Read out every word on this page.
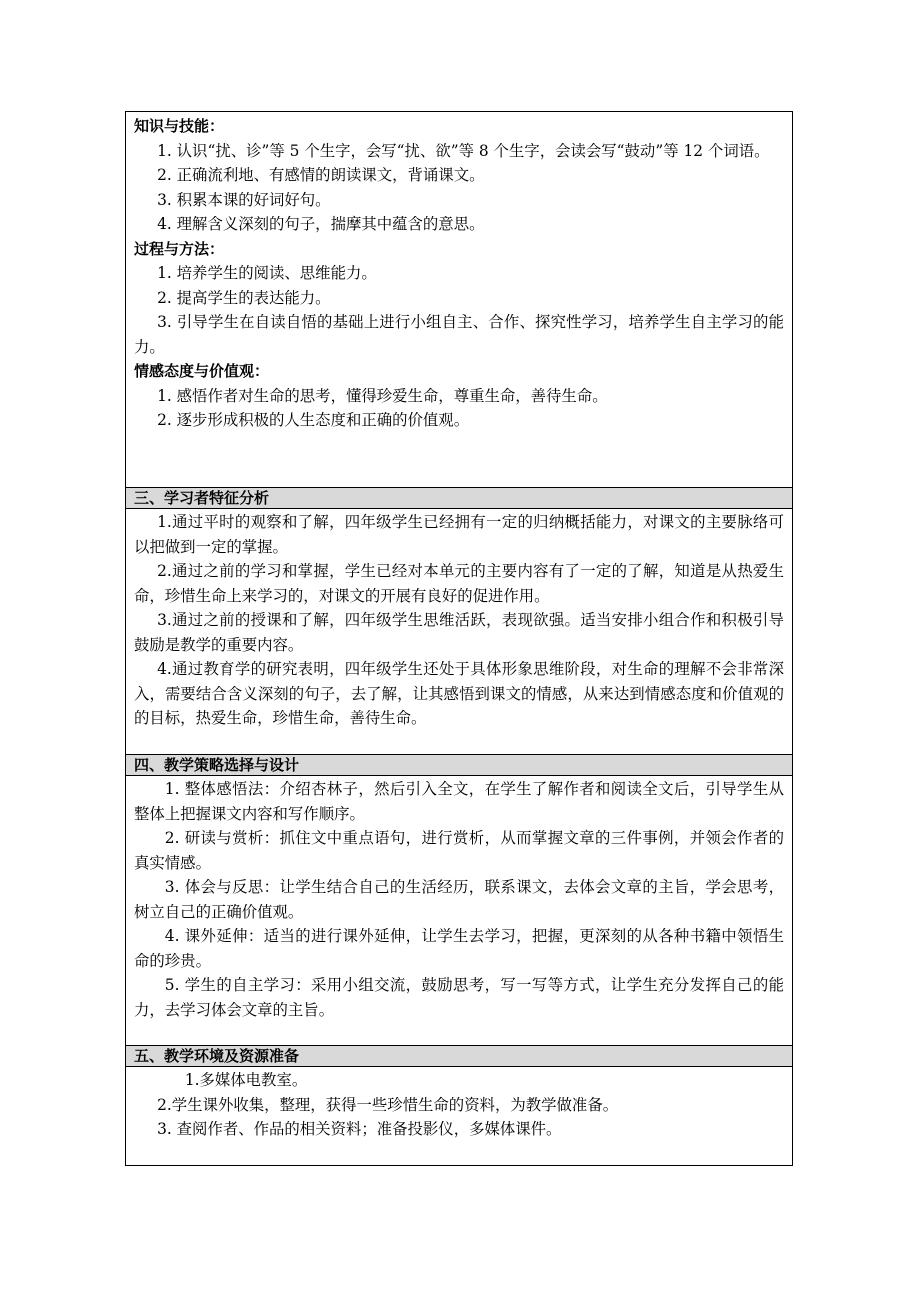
知识与技能：

1. 认识“扰、诊”等 5 个生字，会写“扰、欲”等 8 个生字，会读会写“鼓动”等 12 个词语。

2. 正确流利地、有感情的朗读课文，背诵课文。

3. 积累本课的好词好句。

4. 理解含义深刻的句子，揣摩其中蕴含的意思。

过程与方法：

1. 培养学生的阅读、思维能力。

2. 提高学生的表达能力。

3. 引导学生在自读自悟的基础上进行小组自主、合作、探究性学习，培养学生自主学习的能力。

情感态度与价值观：

1. 感悟作者对生命的思考，懂得珍爱生命，尊重生命，善待生命。

2. 逐步形成积极的人生态度和正确的价值观。

三、学习者特征分析

1.通过平时的观察和了解，四年级学生已经拥有一定的归纳概括能力，对课文的主要脉络可以把做到一定的掌握。

2.通过之前的学习和掌握，学生已经对本单元的主要内容有了一定的了解，知道是从热爱生命，珍惜生命上来学习的，对课文的开展有良好的促进作用。

3.通过之前的授课和了解，四年级学生思维活跃，表现欲强。适当安排小组合作和积极引导鼓励是教学的重要内容。

4.通过教育学的研究表明，四年级学生还处于具体形象思维阶段，对生命的理解不会非常深入，需要结合含义深刻的句子，去了解，让其感悟到课文的情感，从来达到情感态度和价值观的的目标，热爱生命，珍惜生命，善待生命。

四、教学策略选择与设计

1. 整体感悟法：介绍杏林子，然后引入全文，在学生了解作者和阅读全文后，引导学生从整体上把握课文内容和写作顺序。

2. 研读与赏析：抓住文中重点语句，进行赏析，从而掌握文章的三件事例，并领会作者的真实情感。

3. 体会与反思：让学生结合自己的生活经历，联系课文，去体会文章的主旨，学会思考，树立自己的正确价值观。

4. 课外延伸：适当的进行课外延伸，让学生去学习，把握，更深刻的从各种书籍中领悟生命的珍贵。

5. 学生的自主学习：采用小组交流，鼓励思考，写一写等方式，让学生充分发挥自己的能力，去学习体会文章的主旨。

五、教学环境及资源准备

1.多媒体电教室。

2.学生课外收集，整理，获得一些珍惜生命的资料，为教学做准备。

3. 查阅作者、作品的相关资料；准备投影仪，多媒体课件。
